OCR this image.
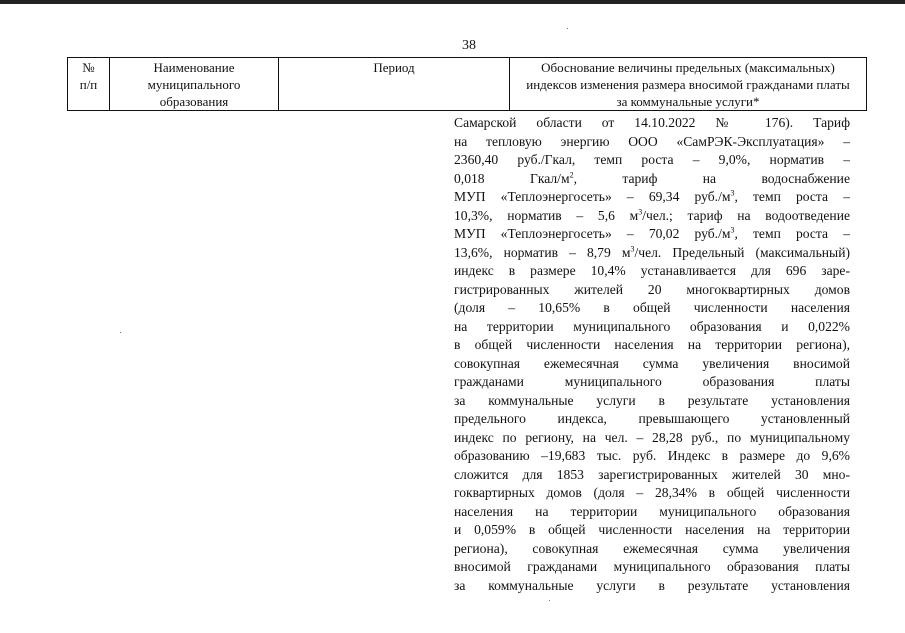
38
№
п/п
Наименование
муниципального
образования
Период	Обоснование величины предельных (максимальных)
индексов изменения размера вносимой гражданами платы
за коммунальные услуги*
Самарской области от 14.10.2022 № 176). Тариф
на тепловую энергию ООО «СамРЭК-Эксплуатация» –
2360,40 руб./Гкал, темп роста – 9,0%, норматив –
0,018 Гкал/$м^2$, тариф на водоснабжение
МУП «Теплоэнергосеть» – 69,34 $руб./м^3$, темп роста –
10,3%, норматив – 5,6 $м^3$/чел.; тариф на водоотведение
МУП «Теплоэнергосеть» – 70,02 $руб./м^3$, темп роста –
13,6%, норматив – 8,79 $м^3$/чел. Предельный (максимальный)
индекс в размере 10,4% устанавливается для 696 заре-
гистрированных жителей 20 многоквартирных домов
(доля – 10,65% в общей численности населения
на территории муниципального образования и 0,022%
в общей численности населения на территории региона),
совокупная ежемесячная сумма увеличения вносимой
гражданами муниципального образования платы
за коммунальные услуги в результате установления
предельного индекса, превышающего установленный
индекс по региону, на чел. – 28,28 руб., по муниципальному
образованию –19,683 тыс. руб. Индекс в размере до 9,6%
сложится для 1853 зарегистрированных жителей 30 мно-
гоквартирных домов (доля – 28,34% в общей численности
населения на территории муниципального образования
и 0,059% в общей численности населения на территории
региона), совокупная ежемесячная сумма увеличения
вносимой гражданами муниципального образования платы
за коммунальные услуги в результате установления
